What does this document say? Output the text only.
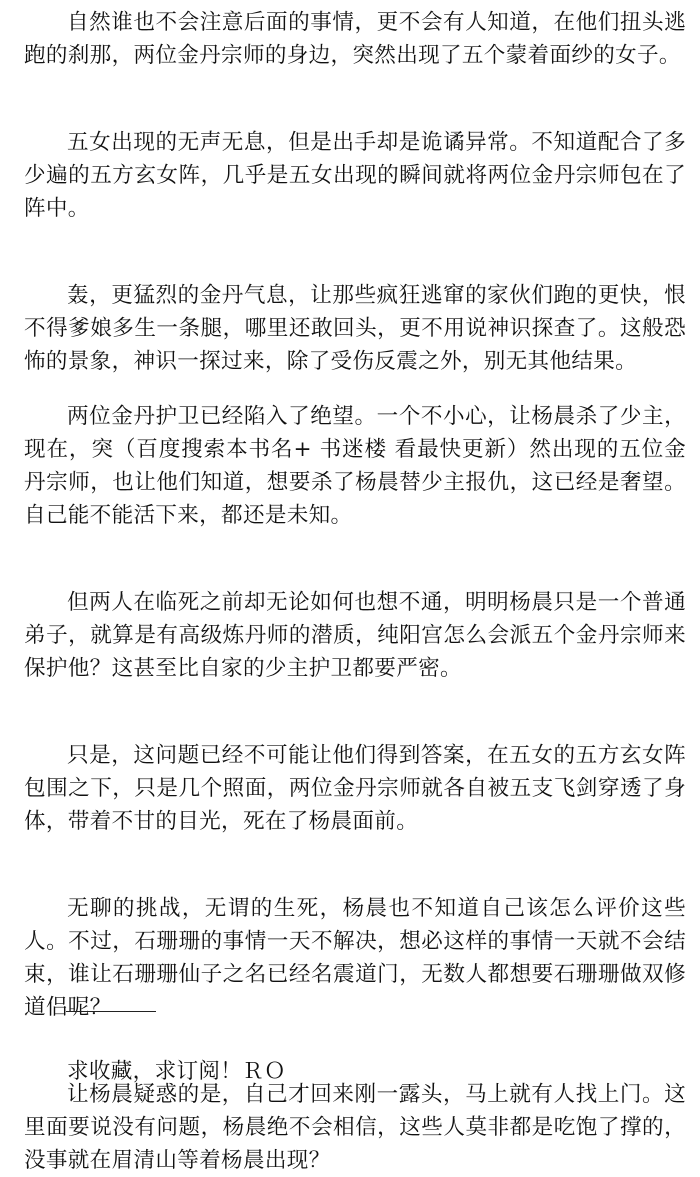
自然谁也不会注意后面的事情，更不会有人知道，在他们扭头逃跑的刹那，两位金丹宗师的身边，突然出现了五个蒙着面纱的女子。

五女出现的无声无息，但是出手却是诡谲异常。不知道配合了多少遍的五方玄女阵，几乎是五女出现的瞬间就将两位金丹宗师包在了阵中。

轰，更猛烈的金丹气息，让那些疯狂逃窜的家伙们跑的更快，恨不得爹娘多生一条腿，哪里还敢回头，更不用说神识探查了。这般恐怖的景象，神识一探过来，除了受伤反震之外，别无其他结果。

两位金丹护卫已经陷入了绝望。一个不小心，让杨晨杀了少主，现在，突（百度搜索本书名+ 书迷楼 看最快更新）然出现的五位金丹宗师，也让他们知道，想要杀了杨晨替少主报仇，这已经是奢望。自己能不能活下来，都还是未知。

但两人在临死之前却无论如何也想不通，明明杨晨只是一个普通弟子，就算是有高级炼丹师的潜质，纯阳宫怎么会派五个金丹宗师来保护他？这甚至比自家的少主护卫都要严密。

只是，这问题已经不可能让他们得到答案，在五女的五方玄女阵包围之下，只是几个照面，两位金丹宗师就各自被五支飞剑穿透了身体，带着不甘的目光，死在了杨晨面前。

无聊的挑战，无谓的生死，杨晨也不知道自己该怎么评价这些人。不过，石珊珊的事情一天不解决，想必这样的事情一天就不会结束，谁让石珊珊仙子之名已经名震道门，无数人都想要石珊珊做双修道侣呢？

让杨晨疑惑的是，自己才回来刚一露头，马上就有人找上门。这里面要说没有问题，杨晨绝不会相信，这些人莫非都是吃饱了撑的，没事就在眉清山等着杨晨出现？

求收藏，求订阅！ＲＯ
